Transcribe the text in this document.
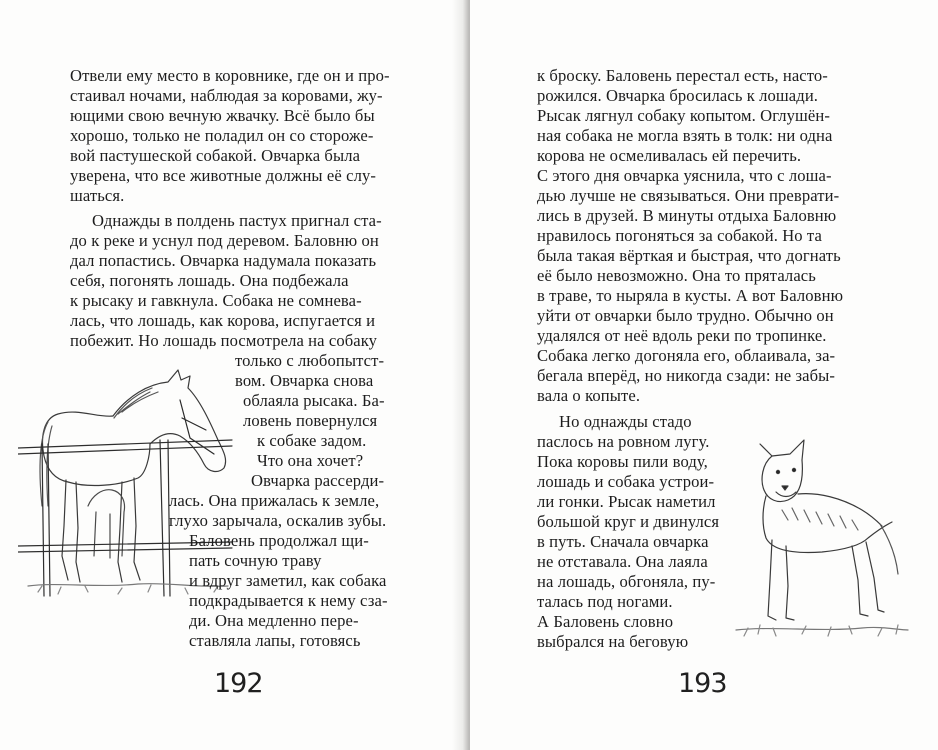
Отвели ему место в коровнике, где он и про-

стаивал ночами, наблюдая за коровами, жу-

ющими свою вечную жвачку. Всё было бы

хорошо, только не поладил он со стороже-

вой пастушеской собакой. Овчарка была

уверена, что все животные должны её слу-

шаться.

Однажды в полдень пастух пригнал ста-

до к реке и уснул под деревом. Баловню он

дал попастись. Овчарка надумала показать

себя, погонять лошадь. Она подбежала

к рысаку и гавкнула. Собака не сомнева-

лась, что лошадь, как корова, испугается и

побежит. Но лошадь посмотрела на собаку

только с любопытст-

вом. Овчарка снова

облаяла рысака. Ба-

ловень повернулся

к собаке задом.

Что она хочет?

Овчарка рассерди-

лась. Она прижалась к земле,

глухо зарычала, оскалив зубы.

Баловень продолжал щи-

пать сочную траву

и вдруг заметил, как собака

подкрадывается к нему сза-

ди. Она медленно пере-

ставляла лапы, готовясь

192

к броску. Баловень перестал есть, насто-

рожился. Овчарка бросилась к лошади.

Рысак лягнул собаку копытом. Оглушён-

ная собака не могла взять в толк: ни одна

корова не осмеливалась ей перечить.

С этого дня овчарка уяснила, что с лоша-

дью лучше не связываться. Они преврати-

лись в друзей. В минуты отдыха Баловню

нравилось погоняться за собакой. Но та

была такая вёрткая и быстрая, что догнать

её было невозможно. Она то пряталась

в траве, то ныряла в кусты. А вот Баловню

уйти от овчарки было трудно. Обычно он

удалялся от неё вдоль реки по тропинке.

Собака легко догоняла его, облаивала, за-

бегала вперёд, но никогда сзади: не забы-

вала о копыте.

Но однажды стадо

паслось на ровном лугу.

Пока коровы пили воду,

лошадь и собака устрои-

ли гонки. Рысак наметил

большой круг и двинулся

в путь. Сначала овчарка

не отставала. Она лаяла

на лошадь, обгоняла, пу-

талась под ногами.

А Баловень словно

выбрался на беговую

193
